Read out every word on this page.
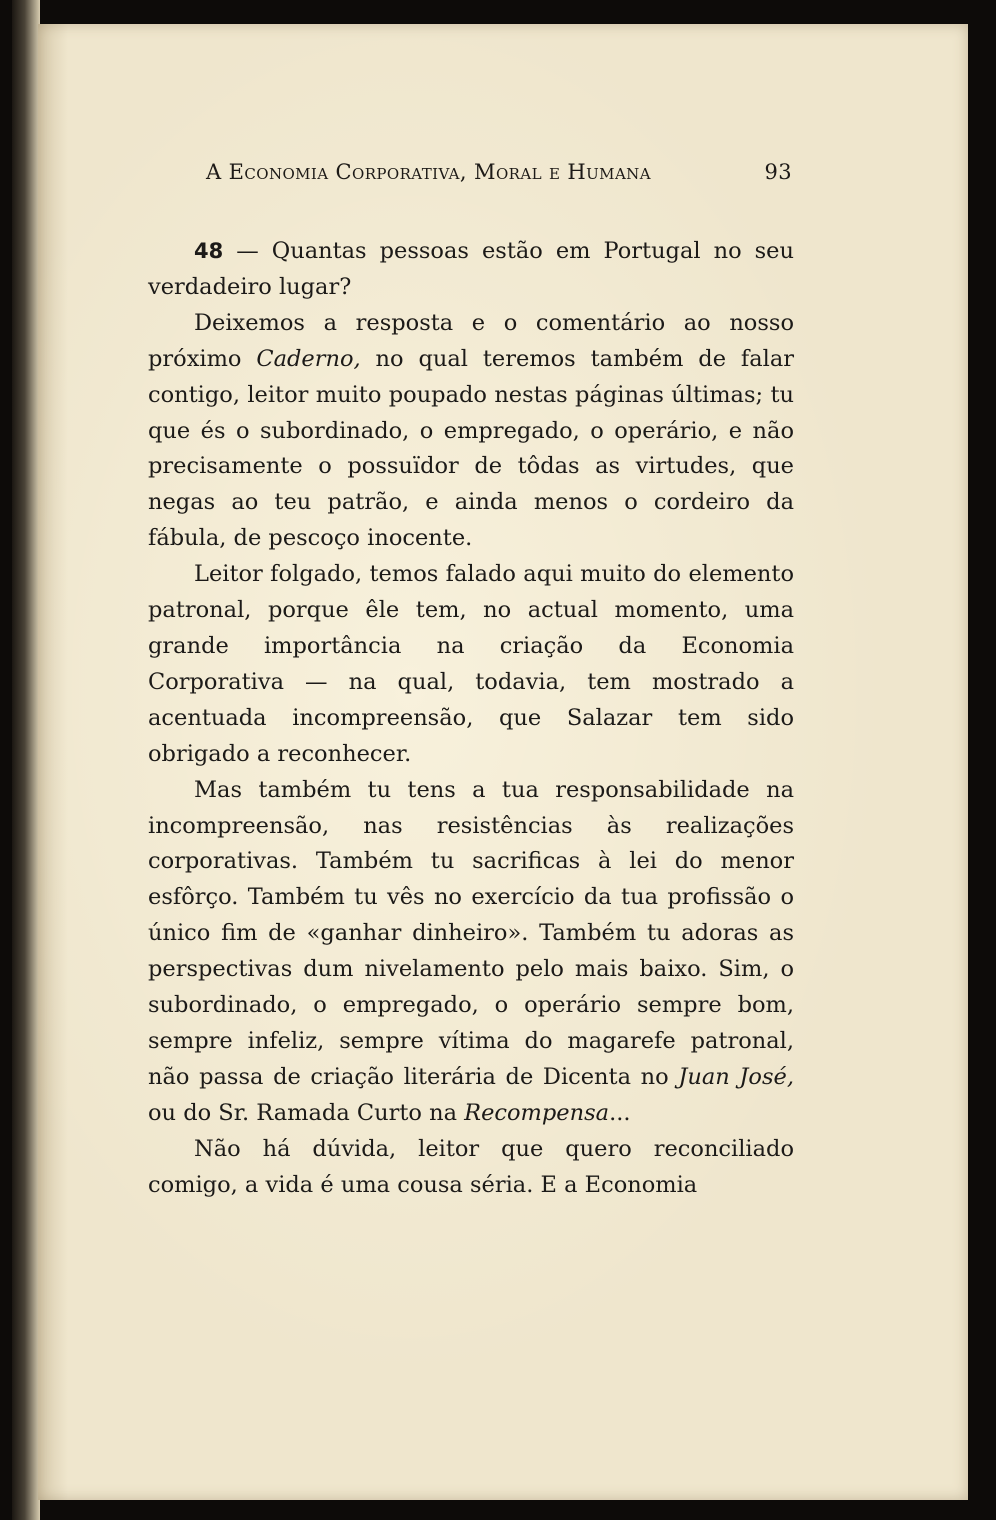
A Economia Corporativa, Moral e Humana	93

48 — Quantas pessoas estão em Portugal no seu verdadeiro lugar?

Deixemos a resposta e o comentário ao nosso próximo Caderno, no qual teremos também de falar contigo, leitor muito poupado nestas páginas últimas; tu que és o subordinado, o empregado, o operário, e não precisamente o possuïdor de tôdas as virtudes, que negas ao teu patrão, e ainda menos o cordeiro da fábula, de pescoço inocente.

Leitor folgado, temos falado aqui muito do elemento patronal, porque êle tem, no actual momento, uma grande importância na criação da Economia Corporativa — na qual, todavia, tem mostrado a acentuada incompreensão, que Salazar tem sido obrigado a reconhecer.

Mas também tu tens a tua responsabilidade na incompreensão, nas resistências às realizações corporativas. Também tu sacrificas à lei do menor esfôrço. Também tu vês no exercício da tua profissão o único fim de «ganhar dinheiro». Também tu adoras as perspectivas dum nivelamento pelo mais baixo. Sim, o subordinado, o empregado, o operário sempre bom, sempre infeliz, sempre vítima do magarefe patronal, não passa de criação literária de Dicenta no Juan José, ou do Sr. Ramada Curto na Recompensa...

Não há dúvida, leitor que quero reconciliado comigo, a vida é uma cousa séria. E a Economia
